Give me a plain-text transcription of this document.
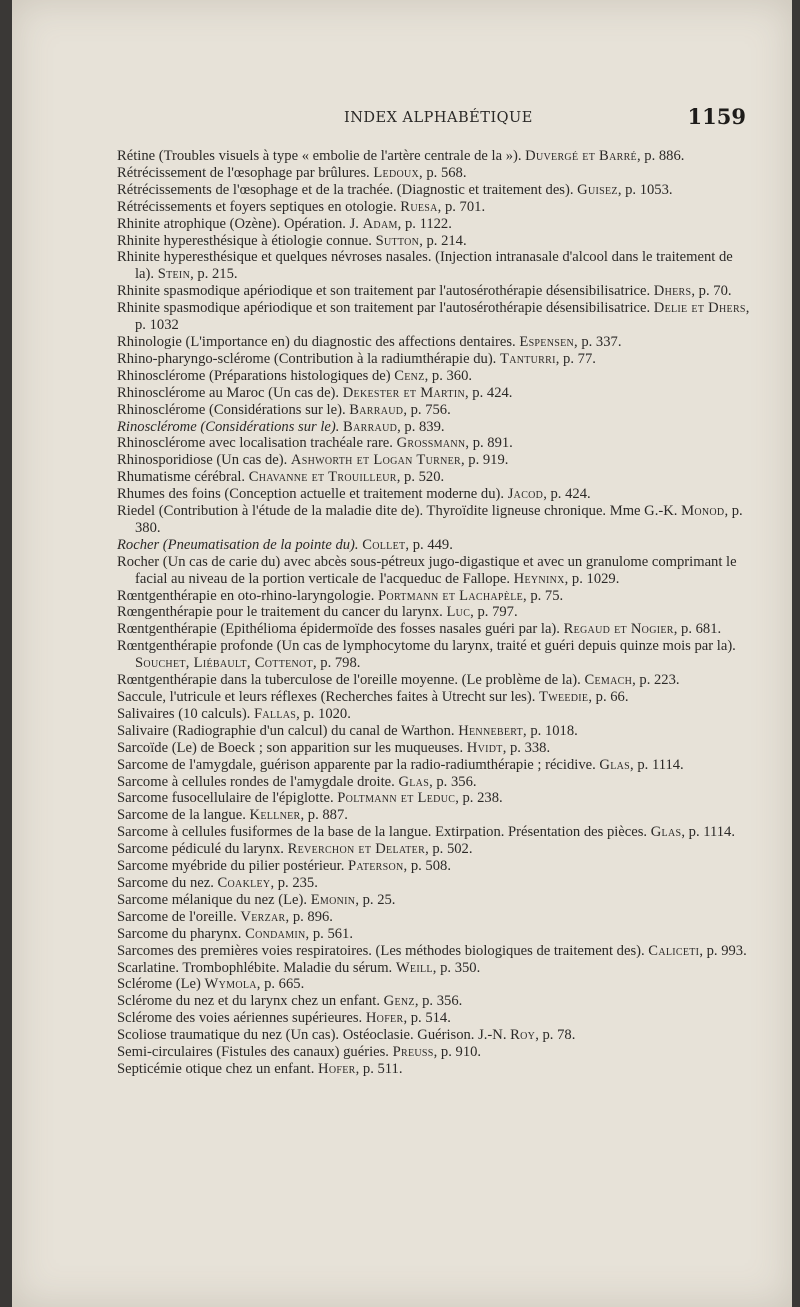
INDEX ALPHABÉTIQUE	1159

Rétine (Troubles visuels à type « embolie de l'artère centrale de la »). Duvergé et Barré, p. 886.

Rétrécissement de l'œsophage par brûlures. Ledoux, p. 568.

Rétrécissements de l'œsophage et de la trachée. (Diagnostic et traitement des). Guisez, p. 1053.

Rétrécissements et foyers septiques en otologie. Ruesa, p. 701.

Rhinite atrophique (Ozène). Opération. J. Adam, p. 1122.

Rhinite hyperesthésique à étiologie connue. Sutton, p. 214.

Rhinite hyperesthésique et quelques névroses nasales. (Injection intranasale d'alcool dans le traitement de la). Stein, p. 215.

Rhinite spasmodique apériodique et son traitement par l'autosérothérapie désensibilisatrice. Dhers, p. 70.

Rhinite spasmodique apériodique et son traitement par l'autosérothérapie désensibilisatrice. Delie et Dhers, p. 1032

Rhinologie (L'importance en) du diagnostic des affections dentaires. Espensen, p. 337.

Rhino-pharyngo-sclérome (Contribution à la radiumthérapie du). Tanturri, p. 77.

Rhinosclérome (Préparations histologiques de) Cenz, p. 360.

Rhinosclérome au Maroc (Un cas de). Dekester et Martin, p. 424.

Rhinosclérome (Considérations sur le). Barraud, p. 756.

Rinosclérome (Considérations sur le). Barraud, p. 839.

Rhinosclérome avec localisation trachéale rare. Grossmann, p. 891.

Rhinosporidiose (Un cas de). Ashworth et Logan Turner, p. 919.

Rhumatisme cérébral. Chavanne et Trouilleur, p. 520.

Rhumes des foins (Conception actuelle et traitement moderne du). Jacod, p. 424.

Riedel (Contribution à l'étude de la maladie dite de). Thyroïdite ligneuse chronique. Mme G.-K. Monod, p. 380.

Rocher (Pneumatisation de la pointe du). Collet, p. 449.

Rocher (Un cas de carie du) avec abcès sous-pétreux jugo-digastique et avec un granulome comprimant le facial au niveau de la portion verticale de l'acqueduc de Fallope. Heyninx, p. 1029.

Rœntgenthérapie en oto-rhino-laryngologie. Portmann et Lachapèle, p. 75.

Rœngenthérapie pour le traitement du cancer du larynx. Luc, p. 797.

Rœntgenthérapie (Epithélioma épidermoïde des fosses nasales guéri par la). Regaud et Nogier, p. 681.

Rœntgenthérapie profonde (Un cas de lymphocytome du larynx, traité et guéri depuis quinze mois par la). Souchet, Liébault, Cottenot, p. 798.

Rœntgenthérapie dans la tuberculose de l'oreille moyenne. (Le problème de la). Cemach, p. 223.

Saccule, l'utricule et leurs réflexes (Recherches faites à Utrecht sur les). Tweedie, p. 66.

Salivaires (10 calculs). Fallas, p. 1020.

Salivaire (Radiographie d'un calcul) du canal de Warthon. Hennebert, p. 1018.

Sarcoïde (Le) de Boeck ; son apparition sur les muqueuses. Hvidt, p. 338.

Sarcome de l'amygdale, guérison apparente par la radio-radiumthérapie ; récidive. Glas, p. 1114.

Sarcome à cellules rondes de l'amygdale droite. Glas, p. 356.

Sarcome fusocellulaire de l'épiglotte. Poltmann et Leduc, p. 238.

Sarcome de la langue. Kellner, p. 887.

Sarcome à cellules fusiformes de la base de la langue. Extirpation. Présentation des pièces. Glas, p. 1114.

Sarcome pédiculé du larynx. Reverchon et Delater, p. 502.

Sarcome myébride du pilier postérieur. Paterson, p. 508.

Sarcome du nez. Coakley, p. 235.

Sarcome mélanique du nez (Le). Emonin, p. 25.

Sarcome de l'oreille. Verzar, p. 896.

Sarcome du pharynx. Condamin, p. 561.

Sarcomes des premières voies respiratoires. (Les méthodes biologiques de traitement des). Caliceti, p. 993.

Scarlatine. Trombophlébite. Maladie du sérum. Weill, p. 350.

Sclérome (Le) Wymola, p. 665.

Sclérome du nez et du larynx chez un enfant. Genz, p. 356.

Sclérome des voies aériennes supérieures. Hofer, p. 514.

Scoliose traumatique du nez (Un cas). Ostéoclasie. Guérison. J.-N. Roy, p. 78.

Semi-circulaires (Fistules des canaux) guéries. Preuss, p. 910.

Septicémie otique chez un enfant. Hofer, p. 511.
